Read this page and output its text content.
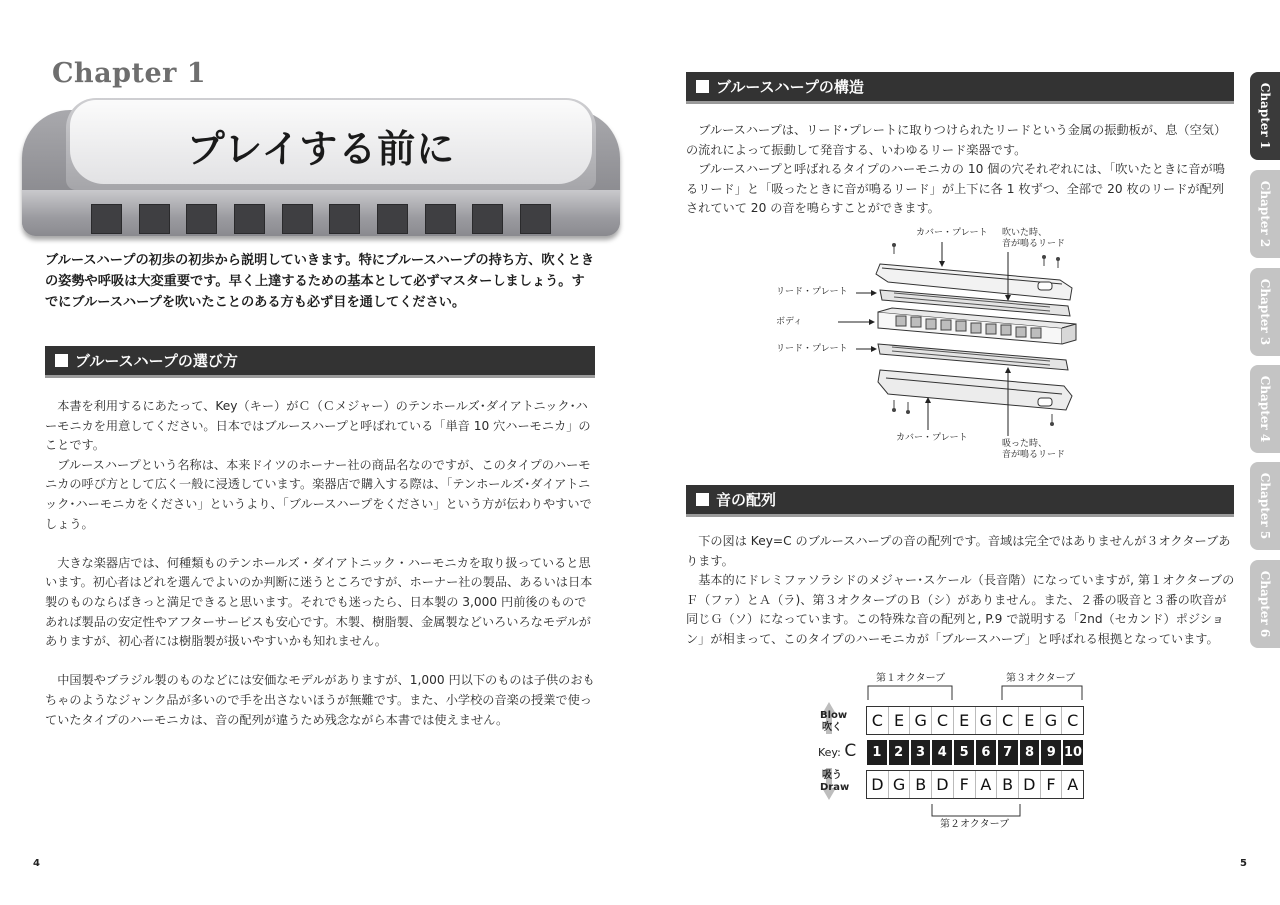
Chapter 1
プレイする前に
ブルースハープの初歩の初歩から説明していきます。特にブルースハープの持ち方、吹くときの姿勢や呼吸は大変重要です。早く上達するための基本として必ずマスターしましょう。すでにブルースハープを吹いたことのある方も必ず目を通してください。
ブルースハープの選び方

本書を利用するにあたって、Key（キー）がＣ（Ｃメジャー）のテンホールズ･ダイアトニック･ハーモニカを用意してください。日本ではブルースハープと呼ばれている「単音 10 穴ハーモニカ」のことです。

ブルースハープという名称は、本来ドイツのホーナー社の商品名なのですが、このタイプのハーモニカの呼び方として広く一般に浸透しています。楽器店で購入する際は、｢テンホールズ･ダイアトニック･ハーモニカをください」というより、「ブルースハープをください」という方が伝わりやすいでしょう。

大きな楽器店では、何種類ものテンホールズ・ダイアトニック・ハーモニカを取り扱っていると思います。初心者はどれを選んでよいのか判断に迷うところですが、ホーナー社の製品、あるいは日本製のものならばきっと満足できると思います。それでも迷ったら、日本製の 3,000 円前後のものであれば製品の安定性やアフターサービスも安心です。木製、樹脂製、金属製などいろいろなモデルがありますが、初心者には樹脂製が扱いやすいかも知れません。

中国製やブラジル製のものなどには安価なモデルがありますが、1,000 円以下のものは子供のおもちゃのようなジャンク品が多いので手を出さないほうが無難です。また、小学校の音楽の授業で使っていたタイプのハーモニカは、音の配列が違うため残念ながら本書では使えません。

4
ブルースハープの構造

ブルースハープは、リード･プレートに取りつけられたリードという金属の振動板が、息（空気）の流れによって振動して発音する、いわゆるリード楽器です。

ブルースハープと呼ばれるタイプのハーモニカの 10 個の穴それぞれには、「吹いたときに音が鳴るリード」と「吸ったときに音が鳴るリード」が上下に各 1 枚ずつ、全部で 20 枚のリードが配列されていて 20 の音を鳴らすことができます。

音の配列

下の図は Key=C のブルースハープの音の配列です。音域は完全ではありませんが３オクターブあります。

基本的にドレミファソラシドのメジャー･スケール（長音階）になっていますが, 第１オクターブのＦ（ファ）とＡ（ラ)、第３オクターブのＢ（シ）がありません。また、２番の吸音と３番の吹音が同じＧ（ソ）になっています。この特殊な音の配列と, P.9 で説明する「2nd（セカンド）ポジション」が相まって、このタイプのハーモニカが「ブルースハープ」と呼ばれる根拠となっています。

5
カバー・プレート 吹いた時、
音が鳴るリード
リード・プレート
ボディ
リード・プレート
カバー・プレート
吸った時、
音が鳴るリード
第１オクターブ	第３オクターブ
第２オクターブ
Blow
吹く
Key: C
吸う
Draw
C E G C E G C E G C
1 2 3 4 5 6 7 8 9 10
D G B D F A B D F A
Chapter 1
Chapter 2
Chapter 3
Chapter 4
Chapter 5
Chapter 6
